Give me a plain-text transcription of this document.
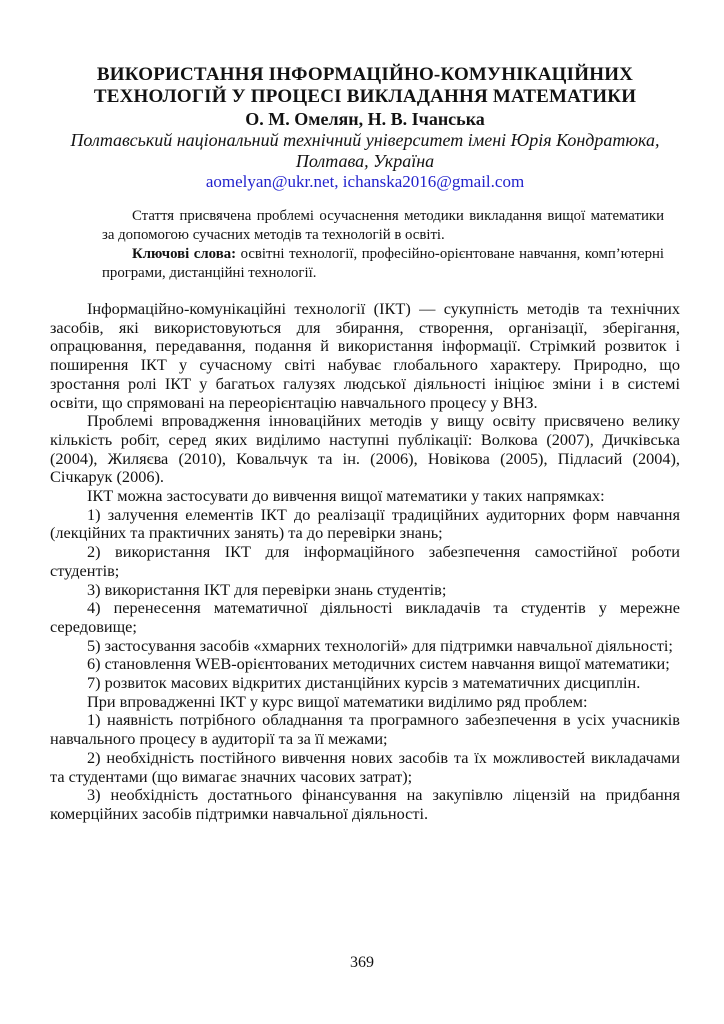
ВИКОРИСТАННЯ ІНФОРМАЦІЙНО-КОМУНІКАЦІЙНИХ
ТЕХНОЛОГІЙ У ПРОЦЕСІ ВИКЛАДАННЯ МАТЕМАТИКИ

О. М. Омелян, Н. В. Ічанська

Полтавський національний технічний університет імені Юрія Кондратюка, Полтава, Україна

aomelyan@ukr.net, ichanska2016@gmail.com

Стаття присвячена проблемі осучаснення методики викладання вищої математики за допомогою сучасних методів та технологій в освіті.

Ключові слова: освітні технології, професійно-орієнтоване навчання, комп’ютерні програми, дистанційні технології.

Інформаційно-комунікаційні технології (ІКТ) — сукупність методів та технічних засобів, які використовуються для збирання, створення, організації, зберігання, опрацювання, передавання, подання й використання інформації. Стрімкий розвиток і поширення ІКТ у сучасному світі набуває глобального характеру. Природно, що зростання ролі ІКТ у багатьох галузях людської діяльності ініціює зміни і в системі освіти, що спрямовані на переорієнтацію навчального процесу у ВНЗ.

Проблемі впровадження інноваційних методів у вищу освіту присвячено велику кількість робіт, серед яких виділимо наступні публікації: Волкова (2007), Дичківська (2004), Жиляєва (2010), Ковальчук та ін. (2006), Новікова (2005), Підласий (2004), Січкарук (2006).

ІКТ можна застосувати до вивчення вищої математики у таких напрямках:

1) залучення елементів ІКТ до реалізації традиційних аудиторних форм навчання (лекційних та практичних занять) та до перевірки знань;

2) використання ІКТ для інформаційного забезпечення самостійної роботи студентів;

3) використання ІКТ для перевірки знань студентів;

4) перенесення математичної діяльності викладачів та студентів у мережне середовище;

5) застосування засобів «хмарних технологій» для підтримки навчальної діяльності;

6) становлення WEB-орієнтованих методичних систем навчання вищої математики;

7) розвиток масових відкритих дистанційних курсів з математичних дисциплін.

При впровадженні ІКТ у курс вищої математики виділимо ряд проблем:

1) наявність потрібного обладнання та програмного забезпечення в усіх учасників навчального процесу в аудиторії та за її межами;

2) необхідність постійного вивчення нових засобів та їх можливостей викладачами та студентами (що вимагає значних часових затрат);

3) необхідність достатнього фінансування на закупівлю ліцензій на придбання комерційних засобів підтримки навчальної діяльності.

369
